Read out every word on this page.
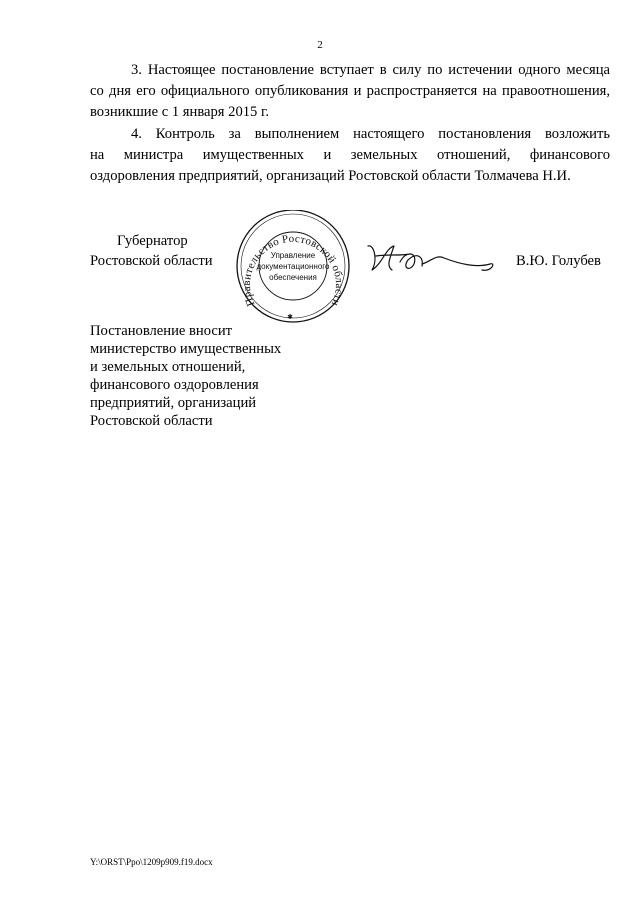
2

3. Настоящее постановление вступает в силу по истечении одного месяца
со дня его официального опубликования и распространяется на правоотношения,
возникшие с 1 января 2015 г.

4. Контроль за выполнением настоящего постановления возложить
на министра имущественных и земельных отношений, финансового
оздоровления предприятий, организаций Ростовской области Толмачева Н.И.

Губернатор
Ростовской области
Правительство Ростовской области
Управление
документационного
обеспечения
✱
В.Ю. Голубев
Постановление вносит
министерство имущественных
и земельных отношений,
финансового оздоровления
предприятий, организаций
Ростовской области
Y:\ORST\Ppo\1209p909.f19.docx
